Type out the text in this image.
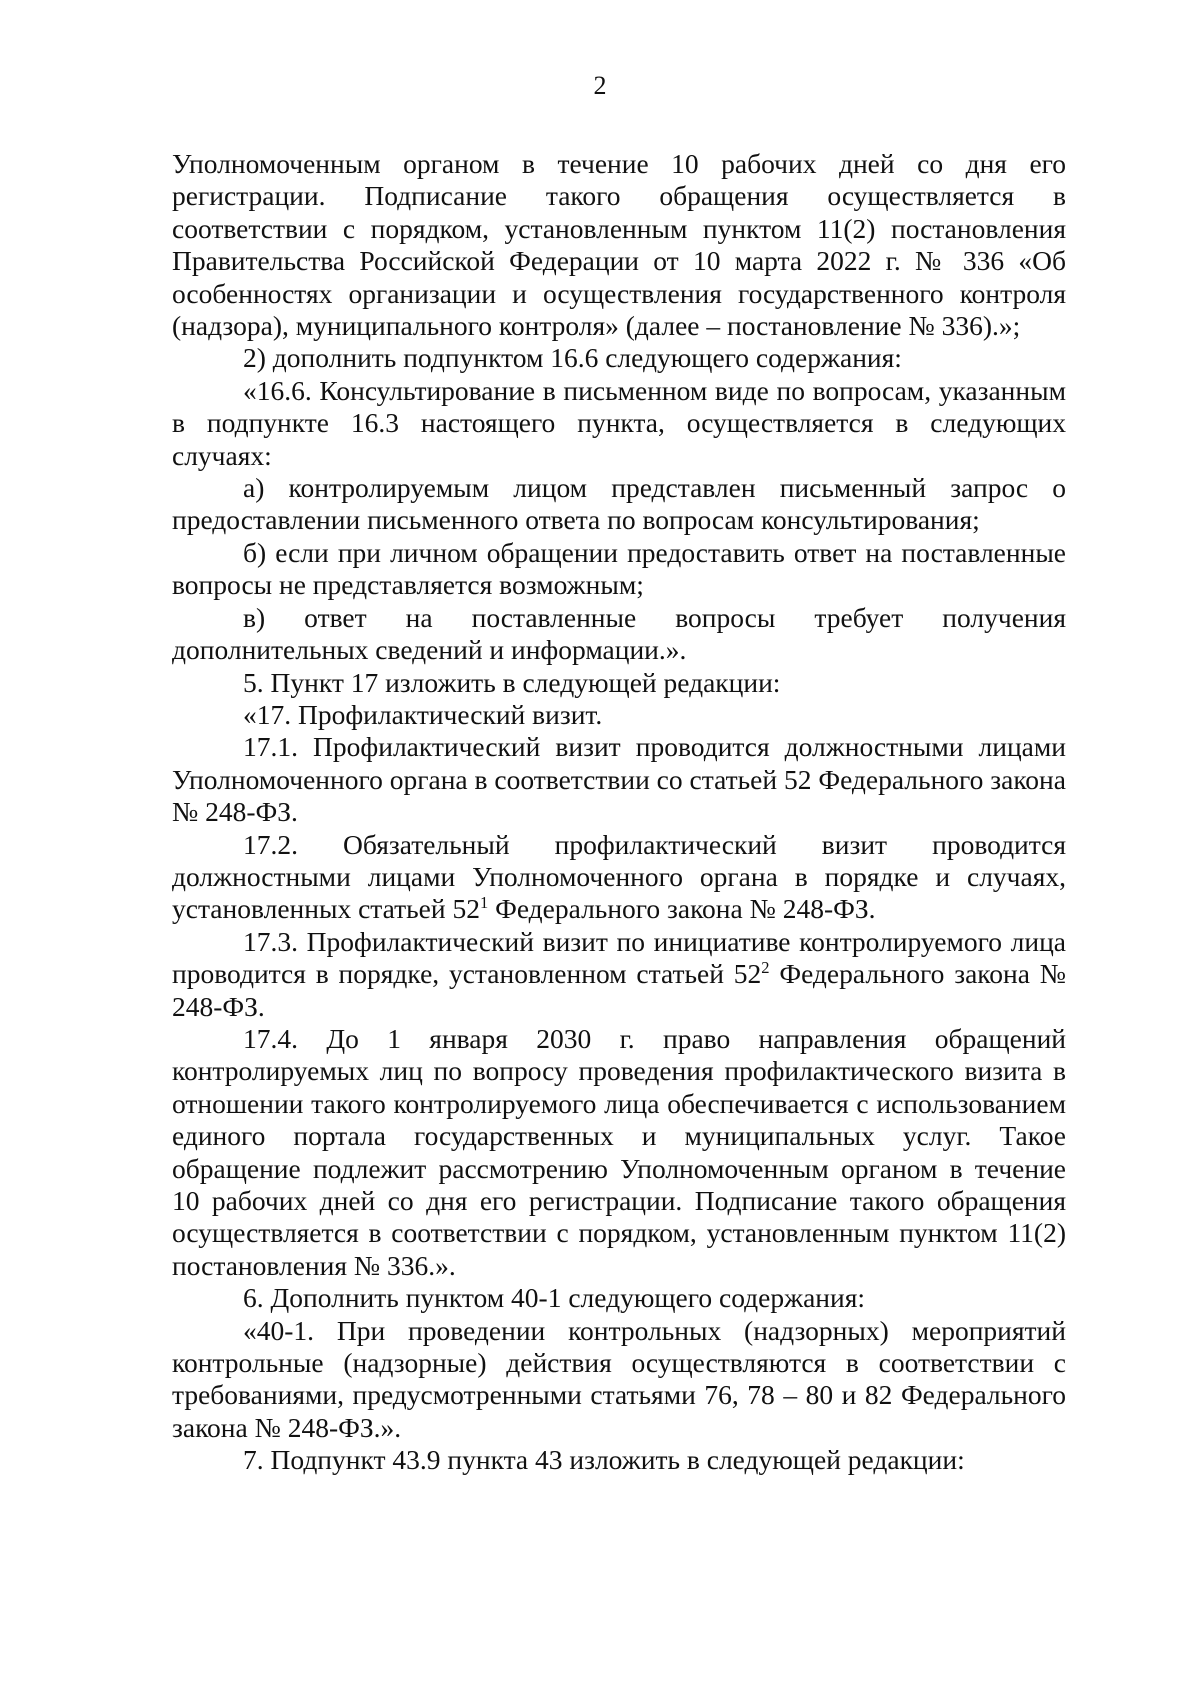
2

Уполномоченным органом в течение 10 рабочих дней со дня его регистрации. Подписание такого обращения осуществляется в соответствии с порядком, установленным пунктом 11(2) постановления Правительства Российской Федерации от 10 марта 2022 г. № 336 «Об особенностях организации и осуществления государственного контроля (надзора), муниципального контроля» (далее – постановление № 336).»;

2) дополнить подпунктом 16.6 следующего содержания:

«16.6. Консультирование в письменном виде по вопросам, указанным в подпункте 16.3 настоящего пункта, осуществляется в следующих случаях:

а) контролируемым лицом представлен письменный запрос о предоставлении письменного ответа по вопросам консультирования;

б) если при личном обращении предоставить ответ на поставленные вопросы не представляется возможным;

в) ответ на поставленные вопросы требует получения дополнительных сведений и информации.».

5. Пункт 17 изложить в следующей редакции:

«17. Профилактический визит.

17.1. Профилактический визит проводится должностными лицами Уполномоченного органа в соответствии со статьей 52 Федерального закона № 248-ФЗ.

17.2. Обязательный профилактический визит проводится должностными лицами Уполномоченного органа в порядке и случаях, установленных статьей $52^1$ Федерального закона № 248-ФЗ.

17.3. Профилактический визит по инициативе контролируемого лица проводится в порядке, установленном статьей $52^2$ Федерального закона № 248-ФЗ.

17.4. До 1 января 2030 г. право направления обращений контролируемых лиц по вопросу проведения профилактического визита в отношении такого контролируемого лица обеспечивается с использованием единого портала государственных и муниципальных услуг. Такое обращение подлежит рассмотрению Уполномоченным органом в течение 10 рабочих дней со дня его регистрации. Подписание такого обращения осуществляется в соответствии с порядком, установленным пунктом 11(2) постановления № 336.».

6. Дополнить пунктом 40-1 следующего содержания:

«40-1. При проведении контрольных (надзорных) мероприятий контрольные (надзорные) действия осуществляются в соответствии с требованиями, предусмотренными статьями 76, 78 – 80 и 82 Федерального закона № 248-ФЗ.».

7. Подпункт 43.9 пункта 43 изложить в следующей редакции:
